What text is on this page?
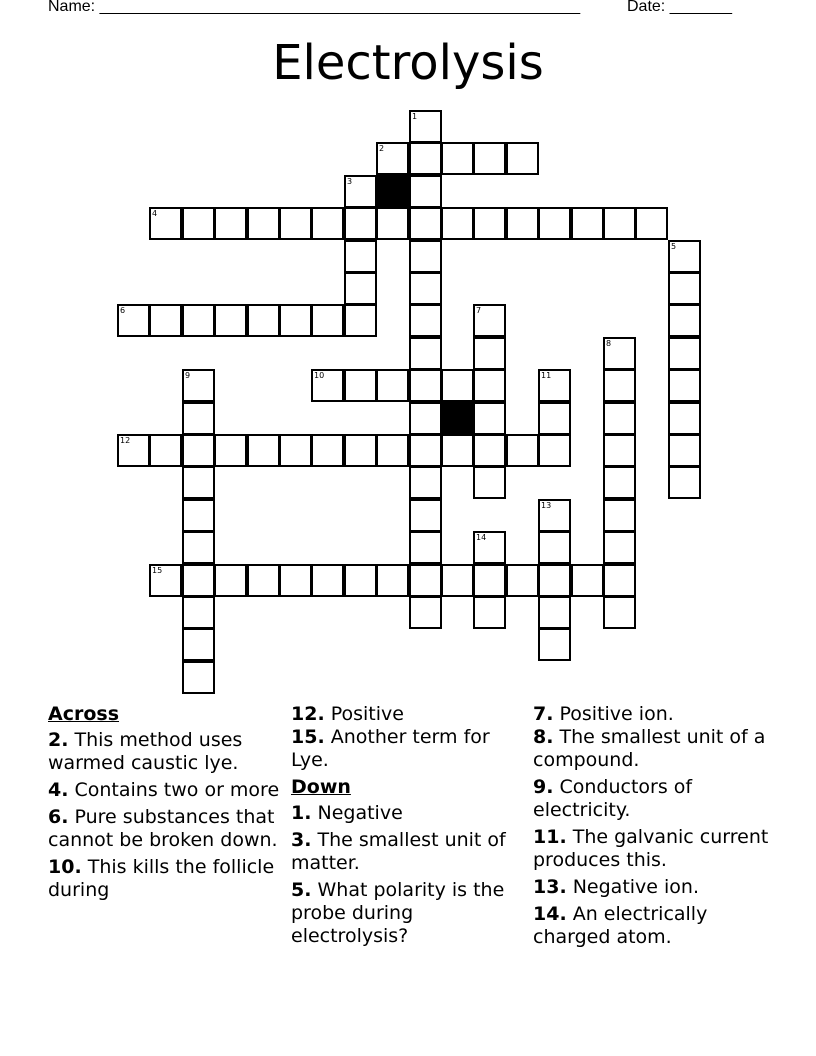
Name: ______________________________________________________	Date: _______
Electrolysis
1
2
3
4
5
6	7
8
9	10	11
12
13
14
15
Across
2. This method uses warmed caustic lye.
4. Contains two or more
6. Pure substances that cannot be broken down.
10. This kills the follicle during
12. Positive
15. Another term for Lye.
Down
1. Negative
3. The smallest unit of matter.
5. What polarity is the probe during electrolysis?
7. Positive ion.
8. The smallest unit of a compound.
9. Conductors of electricity.
11. The galvanic current produces this.
13. Negative ion.
14. An electrically charged atom.
